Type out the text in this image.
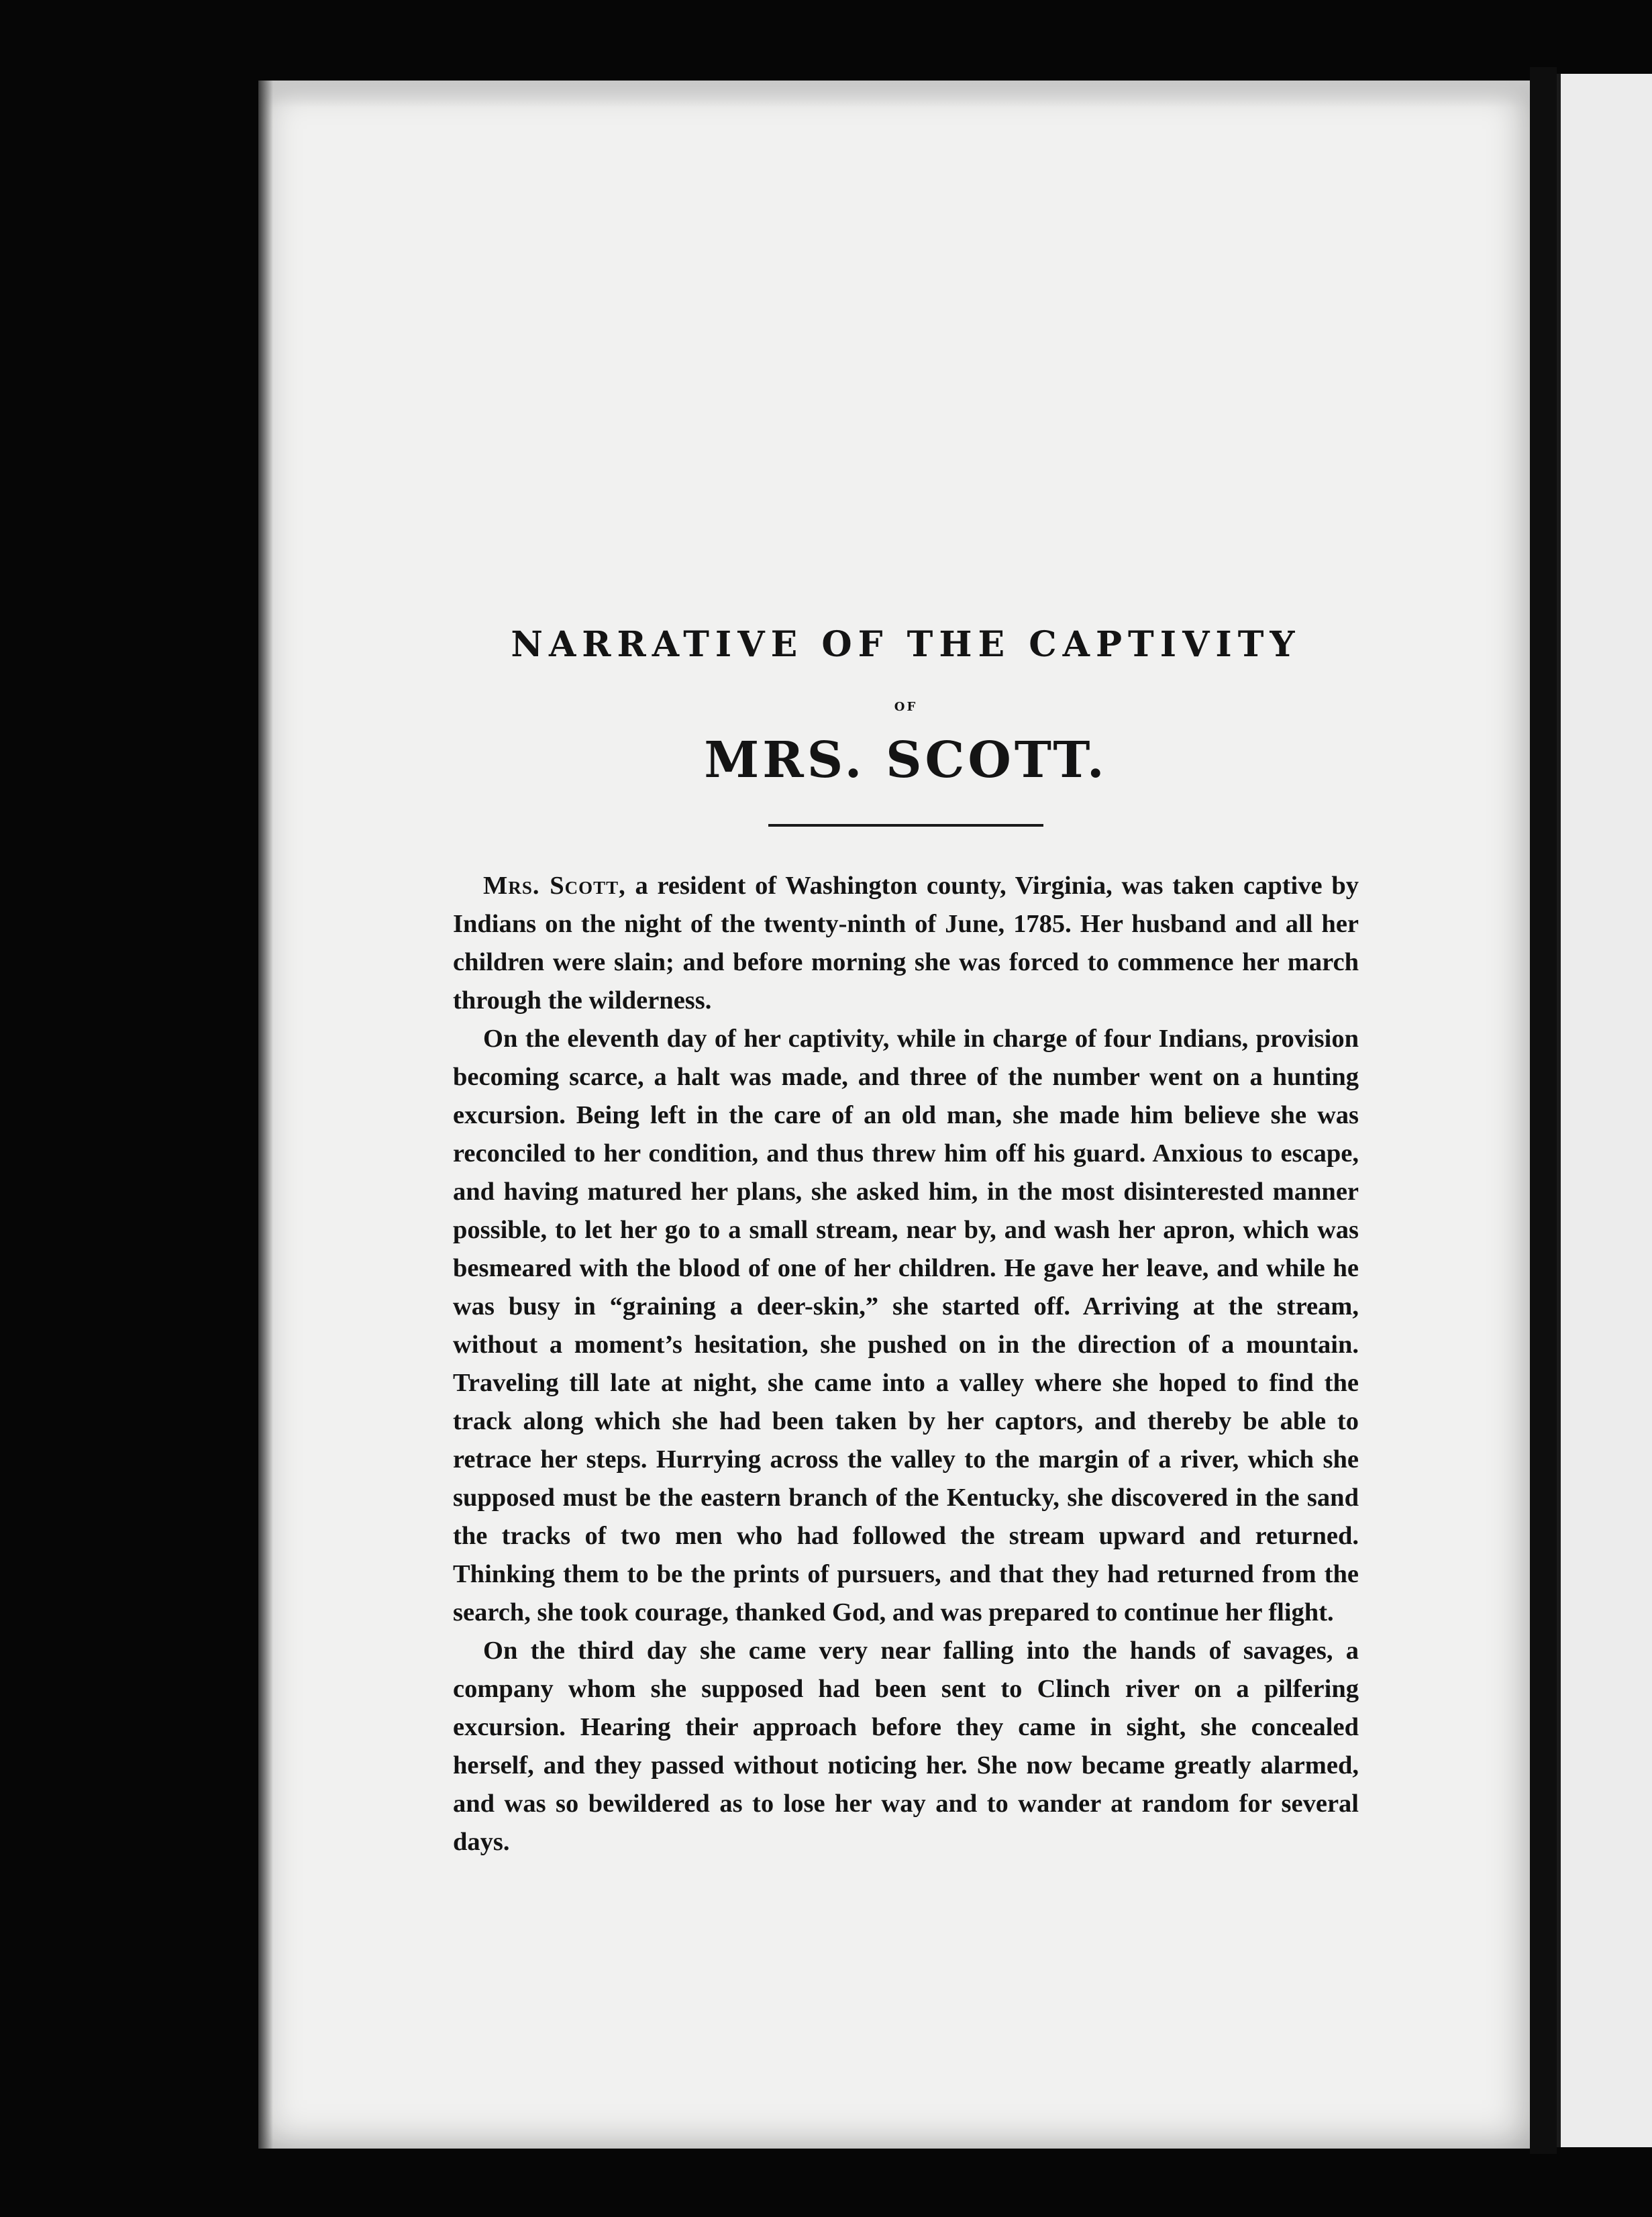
NARRATIVE OF THE CAPTIVITY
OF
MRS. SCOTT.

Mrs. Scott, a resident of Washington county, Virginia, was taken captive by Indians on the night of the twenty-ninth of June, 1785. Her husband and all her children were slain; and before morning she was forced to commence her march through the wilderness.

On the eleventh day of her captivity, while in charge of four Indians, provision becoming scarce, a halt was made, and three of the number went on a hunting excursion. Being left in the care of an old man, she made him believe she was reconciled to her condition, and thus threw him off his guard. Anxious to escape, and having matured her plans, she asked him, in the most disinterested manner possible, to let her go to a small stream, near by, and wash her apron, which was besmeared with the blood of one of her children. He gave her leave, and while he was busy in “graining a deer-skin,” she started off. Arriving at the stream, without a moment’s hesitation, she pushed on in the direction of a mountain. Traveling till late at night, she came into a valley where she hoped to find the track along which she had been taken by her captors, and thereby be able to retrace her steps. Hurrying across the valley to the margin of a river, which she supposed must be the eastern branch of the Kentucky, she discovered in the sand the tracks of two men who had followed the stream upward and returned. Thinking them to be the prints of pursuers, and that they had returned from the search, she took courage, thanked God, and was prepared to continue her flight.

On the third day she came very near falling into the hands of savages, a company whom she supposed had been sent to Clinch river on a pilfering excursion. Hearing their approach before they came in sight, she concealed herself, and they passed without noticing her. She now became greatly alarmed, and was so bewildered as to lose her way and to wander at random for several days.
